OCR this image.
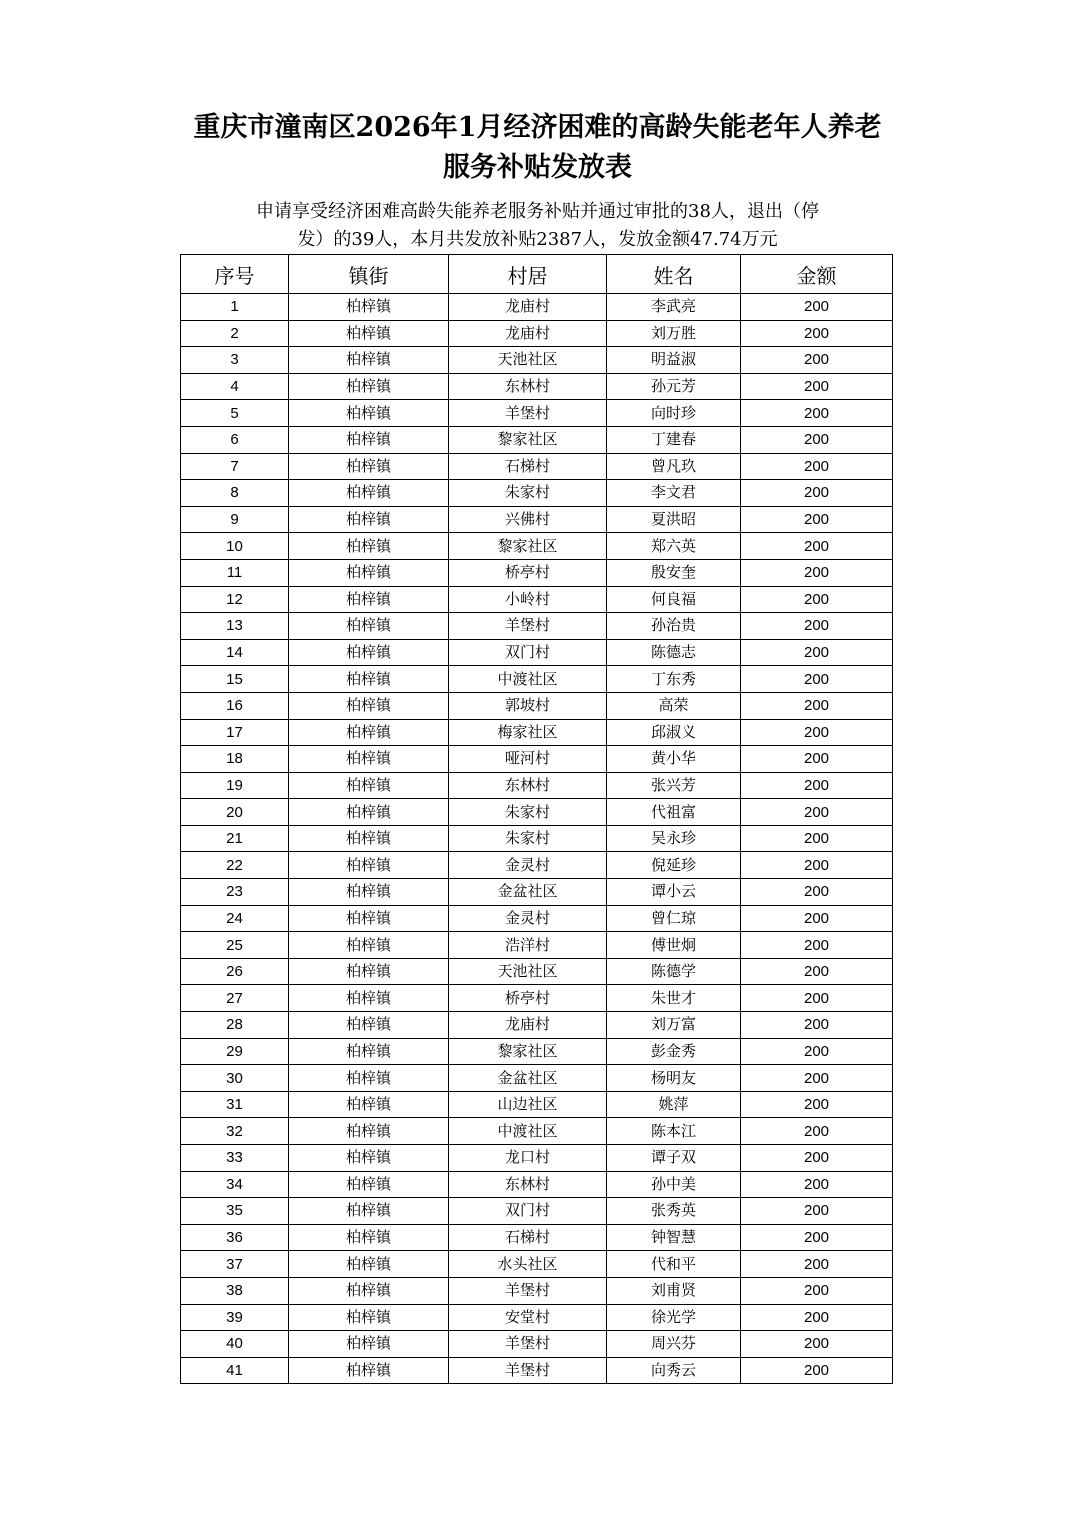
重庆市潼南区2026年1月经济困难的高龄失能老年人养老
服务补贴发放表
申请享受经济困难高龄失能养老服务补贴并通过审批的38人，退出（停
发）的39人，本月共发放补贴2387人，发放金额47.74万元
序号	镇街	村居	姓名	金额
1	柏梓镇	龙庙村	李武亮	200
2	柏梓镇	龙庙村	刘万胜	200
3	柏梓镇	天池社区	明益淑	200
4	柏梓镇	东林村	孙元芳	200
5	柏梓镇	羊堡村	向时珍	200
6	柏梓镇	黎家社区	丁建春	200
7	柏梓镇	石梯村	曾凡玖	200
8	柏梓镇	朱家村	李文君	200
9	柏梓镇	兴佛村	夏洪昭	200
10	柏梓镇	黎家社区	郑六英	200
11	柏梓镇	桥亭村	殷安奎	200
12	柏梓镇	小岭村	何良福	200
13	柏梓镇	羊堡村	孙治贵	200
14	柏梓镇	双门村	陈德志	200
15	柏梓镇	中渡社区	丁东秀	200
16	柏梓镇	郭坡村	高荣	200
17	柏梓镇	梅家社区	邱淑义	200
18	柏梓镇	哑河村	黄小华	200
19	柏梓镇	东林村	张兴芳	200
20	柏梓镇	朱家村	代祖富	200
21	柏梓镇	朱家村	吴永珍	200
22	柏梓镇	金灵村	倪延珍	200
23	柏梓镇	金盆社区	谭小云	200
24	柏梓镇	金灵村	曾仁琼	200
25	柏梓镇	浩洋村	傅世炯	200
26	柏梓镇	天池社区	陈德学	200
27	柏梓镇	桥亭村	朱世才	200
28	柏梓镇	龙庙村	刘万富	200
29	柏梓镇	黎家社区	彭金秀	200
30	柏梓镇	金盆社区	杨明友	200
31	柏梓镇	山边社区	姚萍	200
32	柏梓镇	中渡社区	陈本江	200
33	柏梓镇	龙口村	谭子双	200
34	柏梓镇	东林村	孙中美	200
35	柏梓镇	双门村	张秀英	200
36	柏梓镇	石梯村	钟智慧	200
37	柏梓镇	水头社区	代和平	200
38	柏梓镇	羊堡村	刘甫贤	200
39	柏梓镇	安堂村	徐光学	200
40	柏梓镇	羊堡村	周兴芬	200
41	柏梓镇	羊堡村	向秀云	200
